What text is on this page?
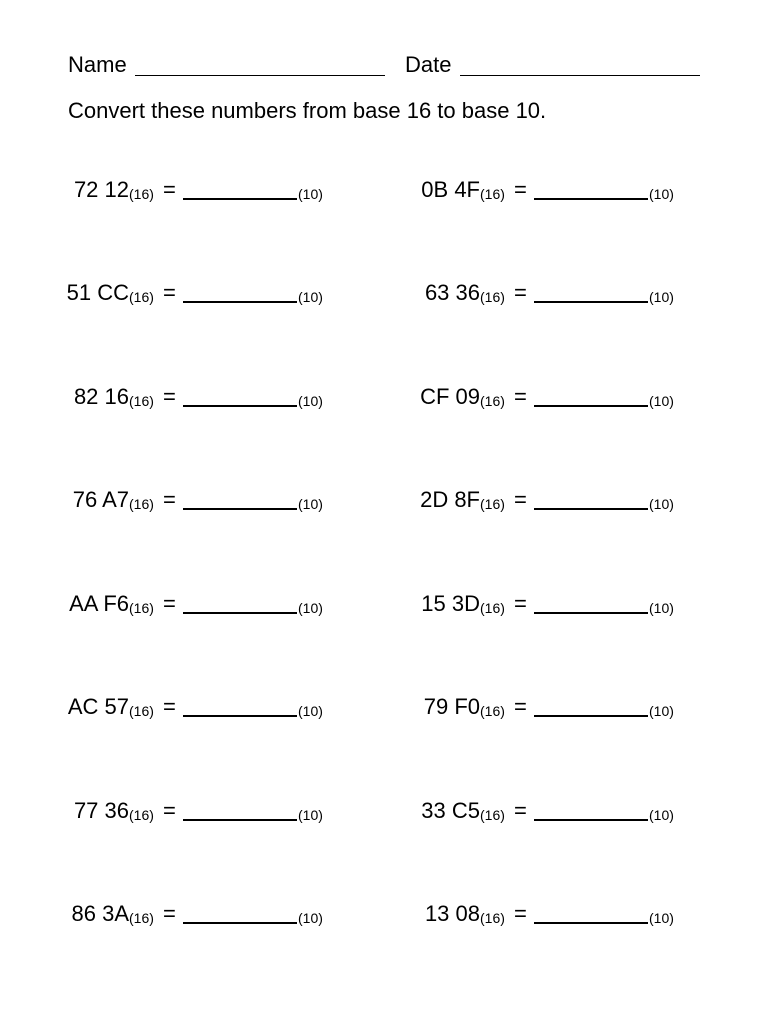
Name	Date
Convert these numbers from base 16 to base 10.
72 12 (16) =	(10)
51 CC (16) =	(10)
82 16 (16) =	(10)
76 A7 (16) =	(10)
AA F6 (16) =	(10)
AC 57 (16) =	(10)
77 36 (16) =	(10)
86 3A (16) =	(10)
0B 4F (16) =	(10)
63 36 (16) =	(10)
CF 09 (16) =	(10)
2D 8F (16) =	(10)
15 3D (16) =	(10)
79 F0 (16) =	(10)
33 C5 (16) =	(10)
13 08 (16) =	(10)
